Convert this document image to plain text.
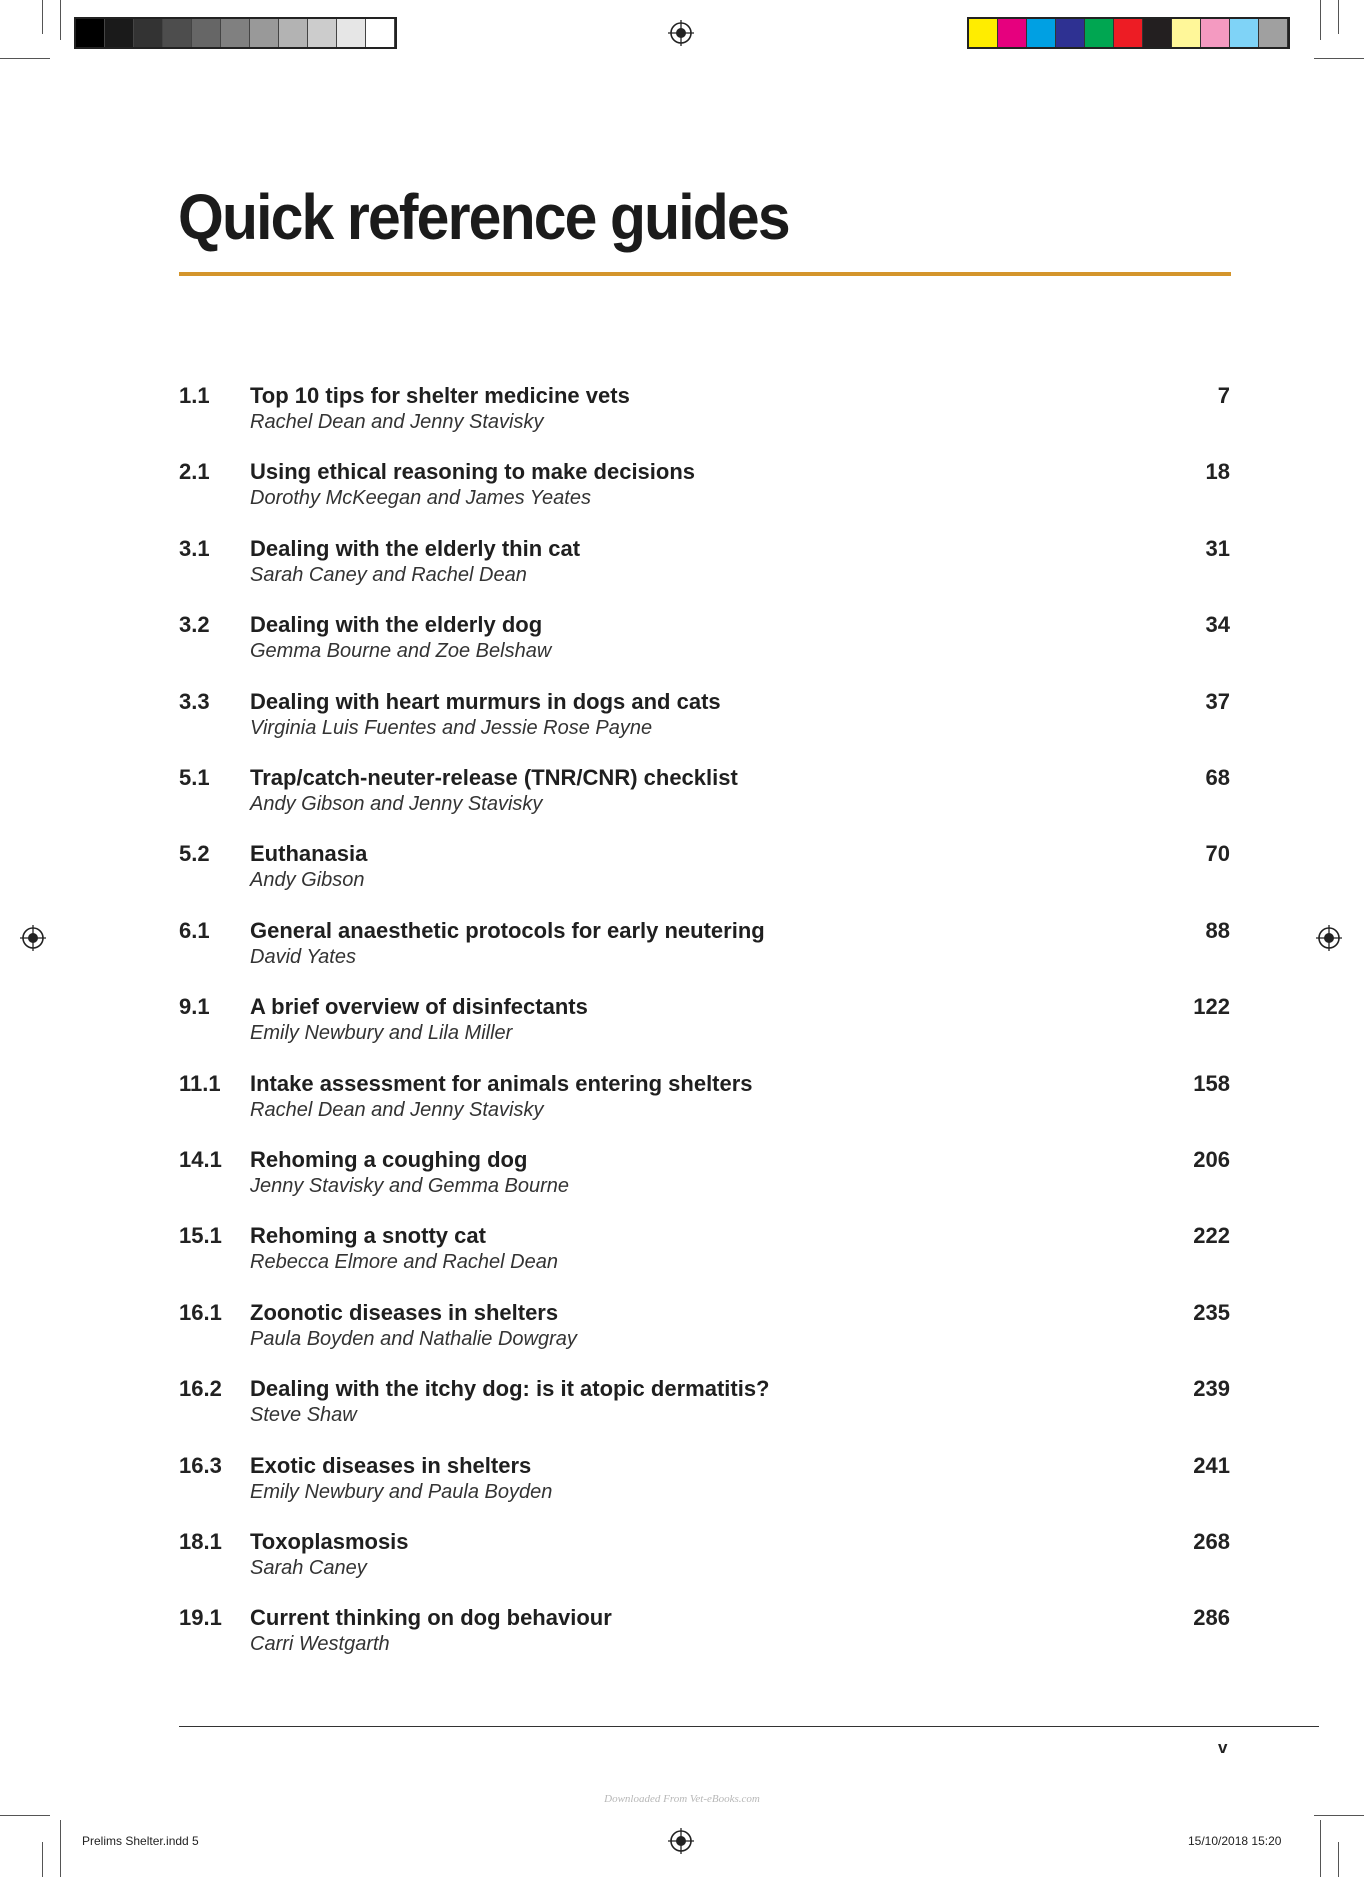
Quick reference guides
1.1 Top 10 tips for shelter medicine vets
Rachel Dean and Jenny Stavisky
7
2.1 Using ethical reasoning to make decisions
Dorothy McKeegan and James Yeates
18
3.1 Dealing with the elderly thin cat
Sarah Caney and Rachel Dean
31
3.2 Dealing with the elderly dog
Gemma Bourne and Zoe Belshaw
34
3.3 Dealing with heart murmurs in dogs and cats
Virginia Luis Fuentes and Jessie Rose Payne
37
5.1 Trap/catch-neuter-release (TNR/CNR) checklist
Andy Gibson and Jenny Stavisky
68
5.2 Euthanasia
Andy Gibson
70
6.1 General anaesthetic protocols for early neutering
David Yates
88
9.1 A brief overview of disinfectants
Emily Newbury and Lila Miller
122
11.1 Intake assessment for animals entering shelters
Rachel Dean and Jenny Stavisky
158
14.1 Rehoming a coughing dog
Jenny Stavisky and Gemma Bourne
206
15.1 Rehoming a snotty cat
Rebecca Elmore and Rachel Dean
222
16.1 Zoonotic diseases in shelters
Paula Boyden and Nathalie Dowgray
235
16.2 Dealing with the itchy dog: is it atopic dermatitis?
Steve Shaw
239
16.3 Exotic diseases in shelters
Emily Newbury and Paula Boyden
241
18.1 Toxoplasmosis
Sarah Caney
268
19.1 Current thinking on dog behaviour
Carri Westgarth
286
v
Downloaded From Vet-eBooks.com
Prelims Shelter.indd 5	15/10/2018 15:20
